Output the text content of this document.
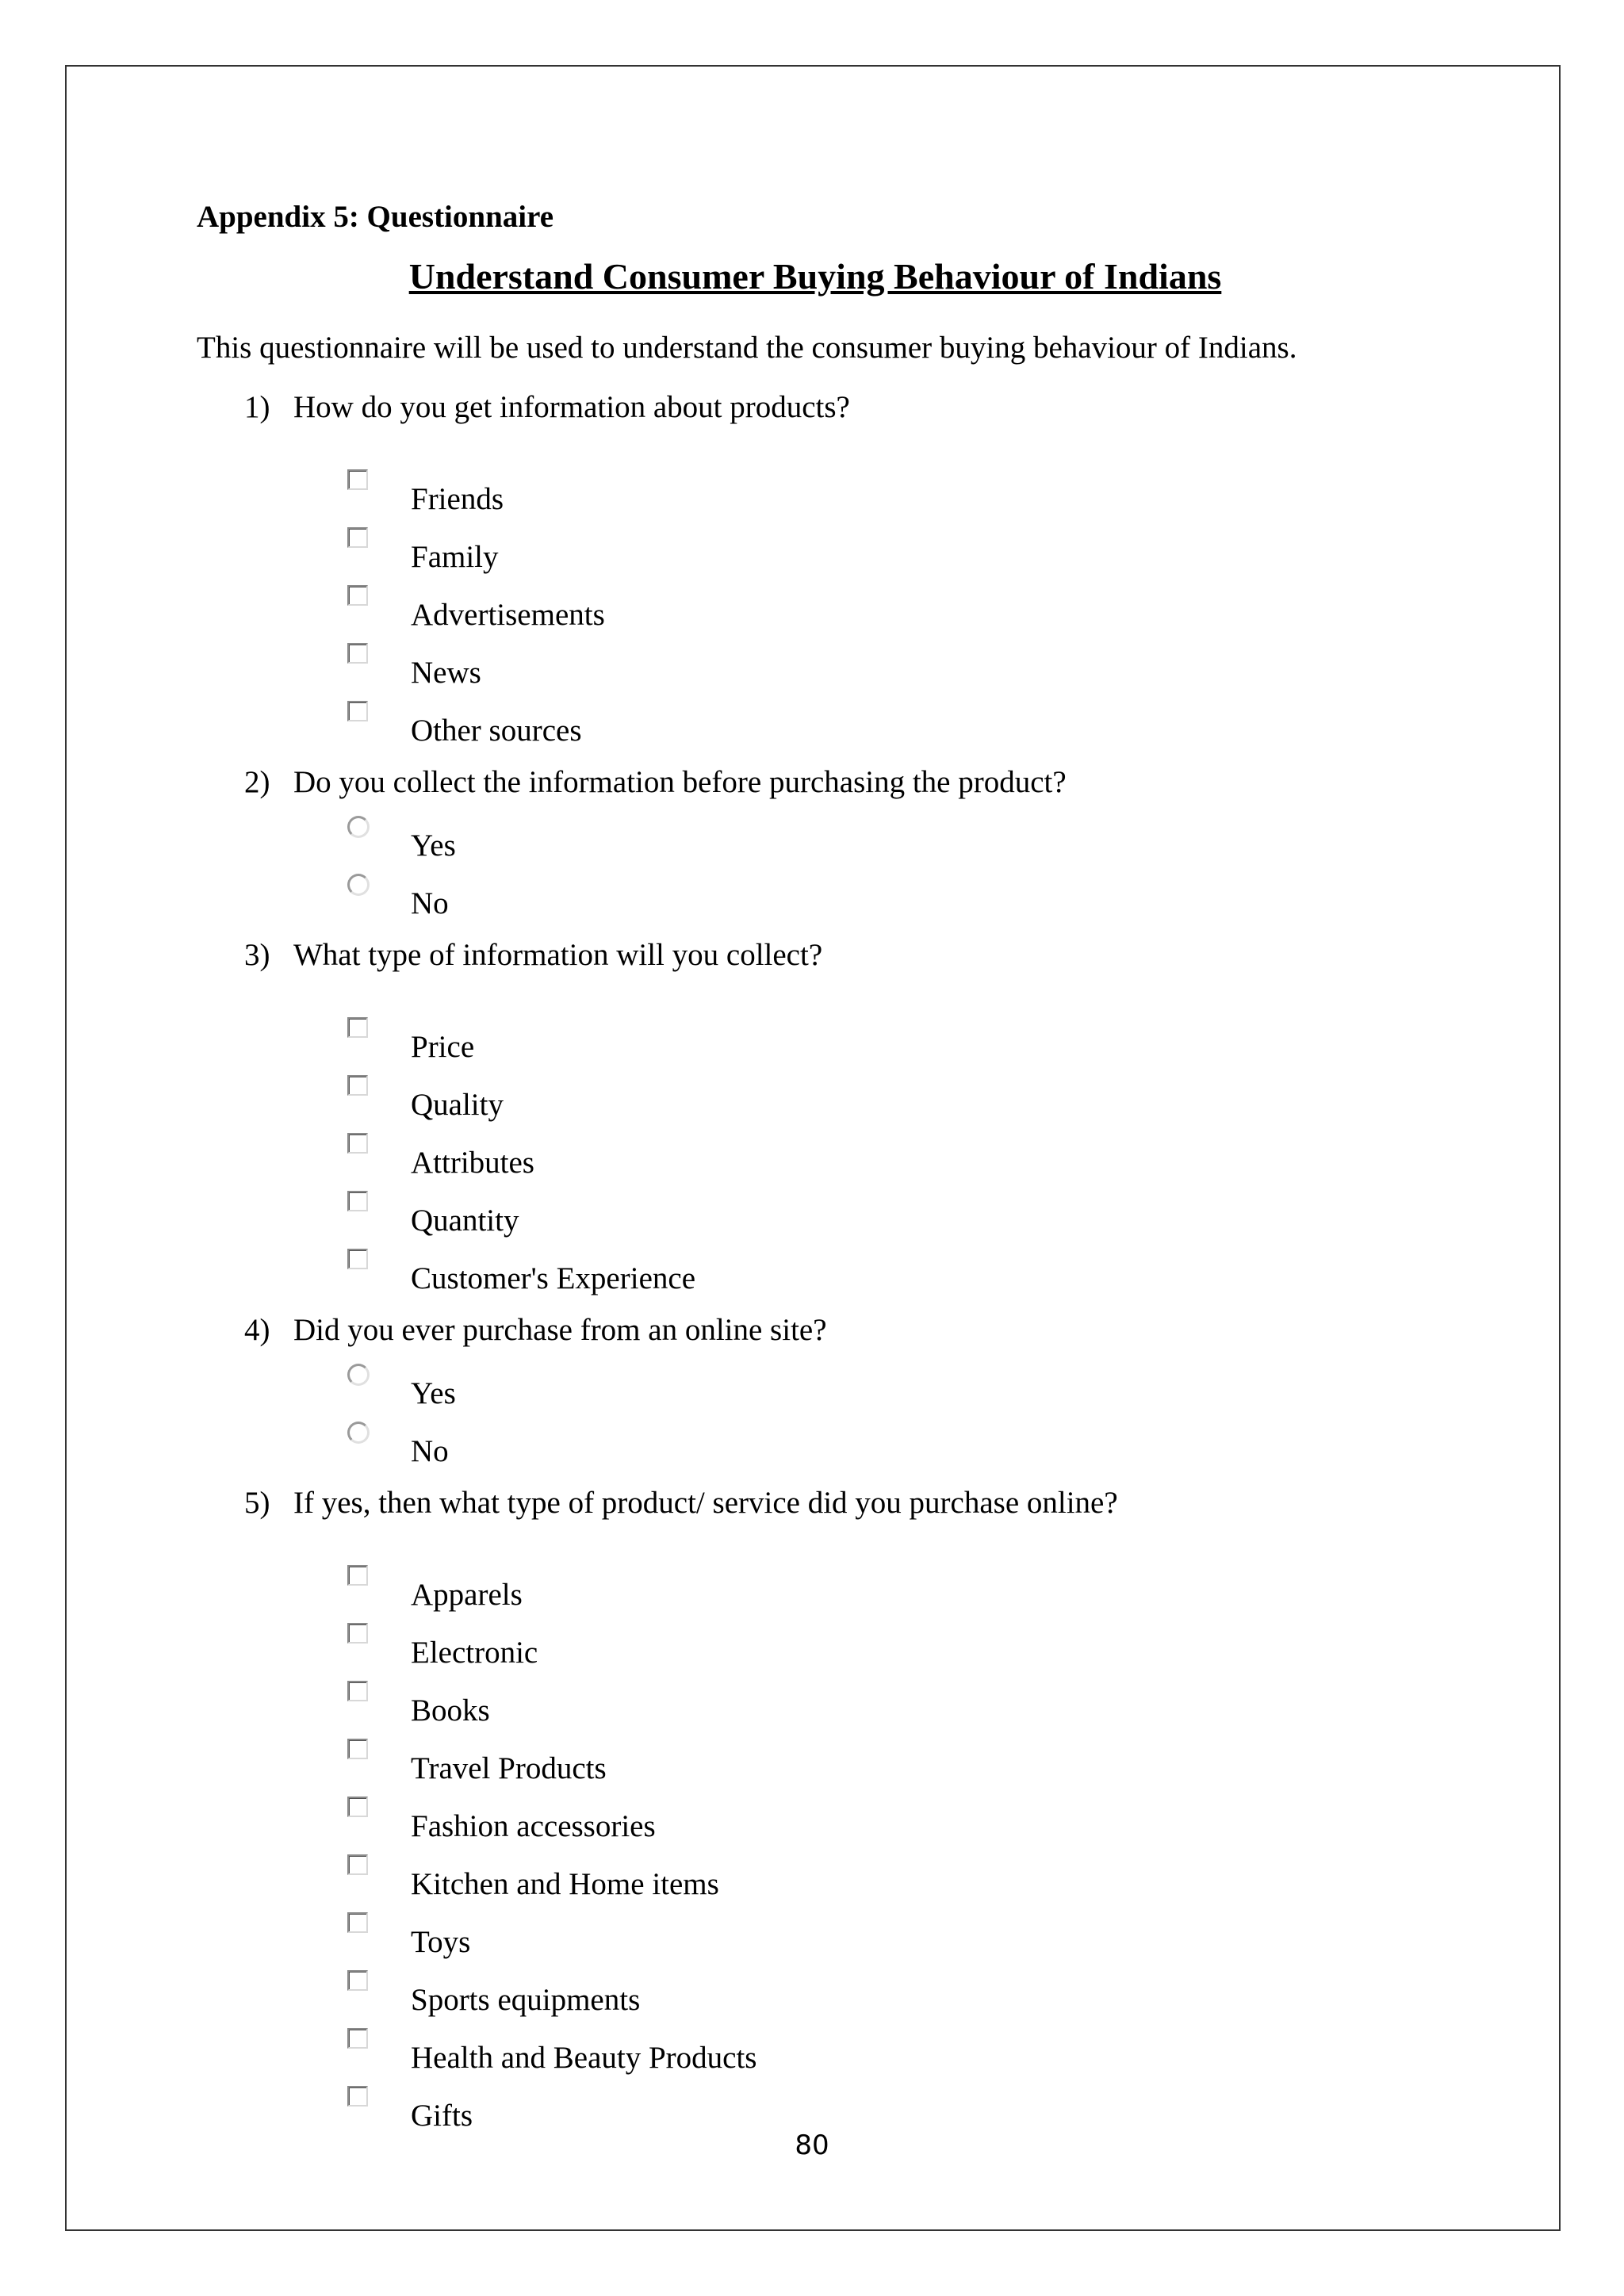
Appendix 5: Questionnaire

Understand Consumer Buying Behaviour of Indians

This questionnaire will be used to understand the consumer buying behaviour of Indians.

1) How do you get information about products?
Friends
Family
Advertisements
News
Other sources
2) Do you collect the information before purchasing the product?
Yes
No
3) What type of information will you collect?
Price
Quality
Attributes
Quantity
Customer's Experience
4) Did you ever purchase from an online site?
Yes
No
5) If yes, then what type of product/ service did you purchase online?
Apparels
Electronic
Books
Travel Products
Fashion accessories
Kitchen and Home items
Toys
Sports equipments
Health and Beauty Products
Gifts
80
